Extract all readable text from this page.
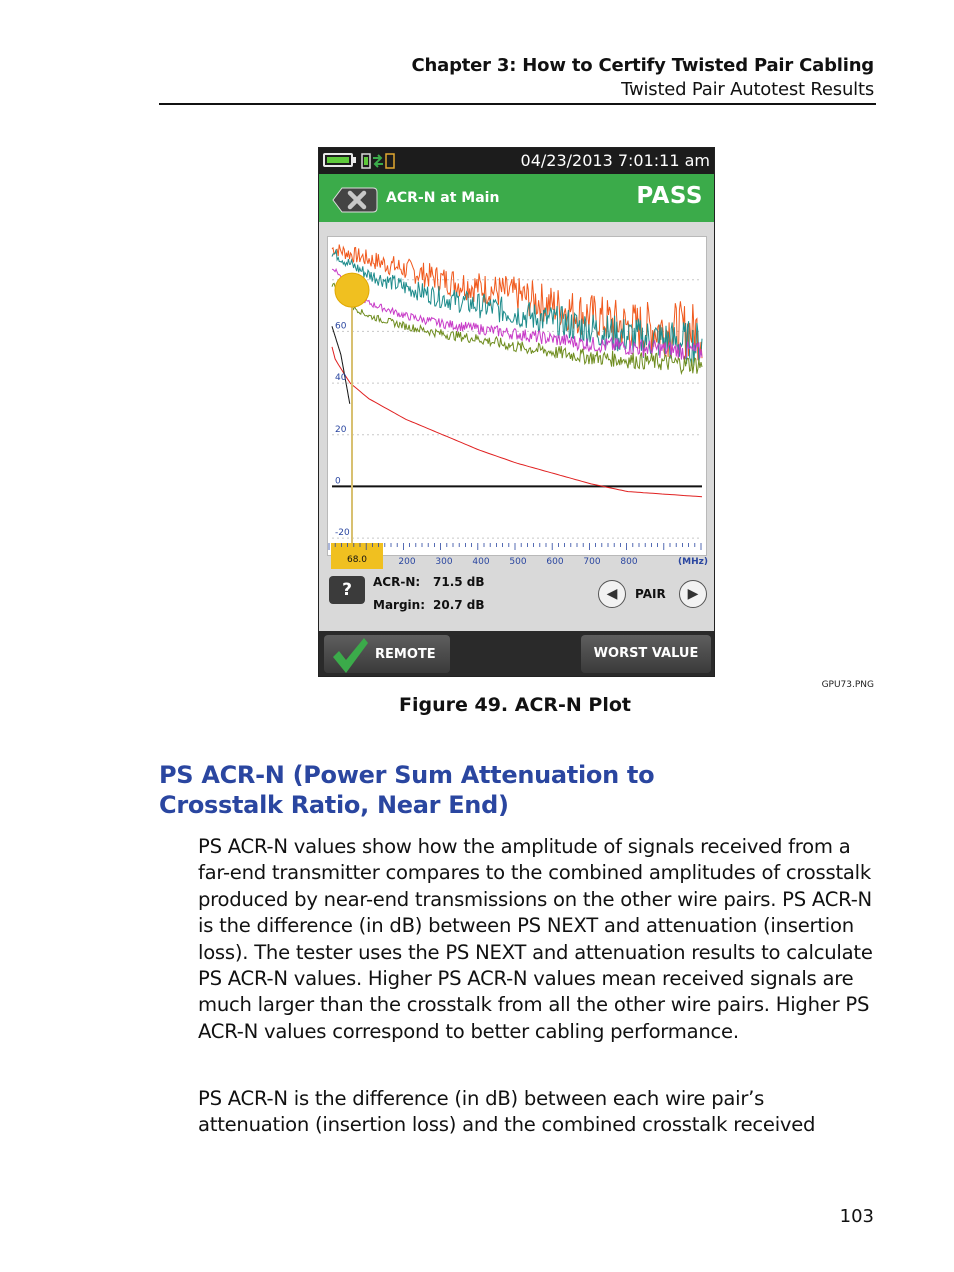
Chapter 3: How to Certify Twisted Pair Cabling
Twisted Pair Autotest Results
04/23/2013 7:01:11 am
ACR-N at Main	PASS
60
40
20
0
-20
68.0	200 300 400 500 600 700 800	(MHz)
?	ACR-N: 71.5 dB
Margin: 20.7 dB
◀	PAIR	▶
REMOTE	WORST VALUE
GPU73.PNG
Figure 49. ACR-N Plot
PS ACR-N (Power Sum Attenuation to Crosstalk Ratio, Near End)
PS ACR-N values show how the amplitude of signals received from a far-end transmitter compares to the combined amplitudes of crosstalk produced by near-end transmissions on the other wire pairs. PS ACR-N is the difference (in dB) between PS NEXT and attenuation (insertion loss). The tester uses the PS NEXT and attenuation results to calculate PS ACR-N values. Higher PS ACR-N values mean received signals are much larger than the crosstalk from all the other wire pairs. Higher PS ACR-N values correspond to better cabling performance.
PS ACR-N is the difference (in dB) between each wire pair’s attenuation (insertion loss) and the combined crosstalk received
103
